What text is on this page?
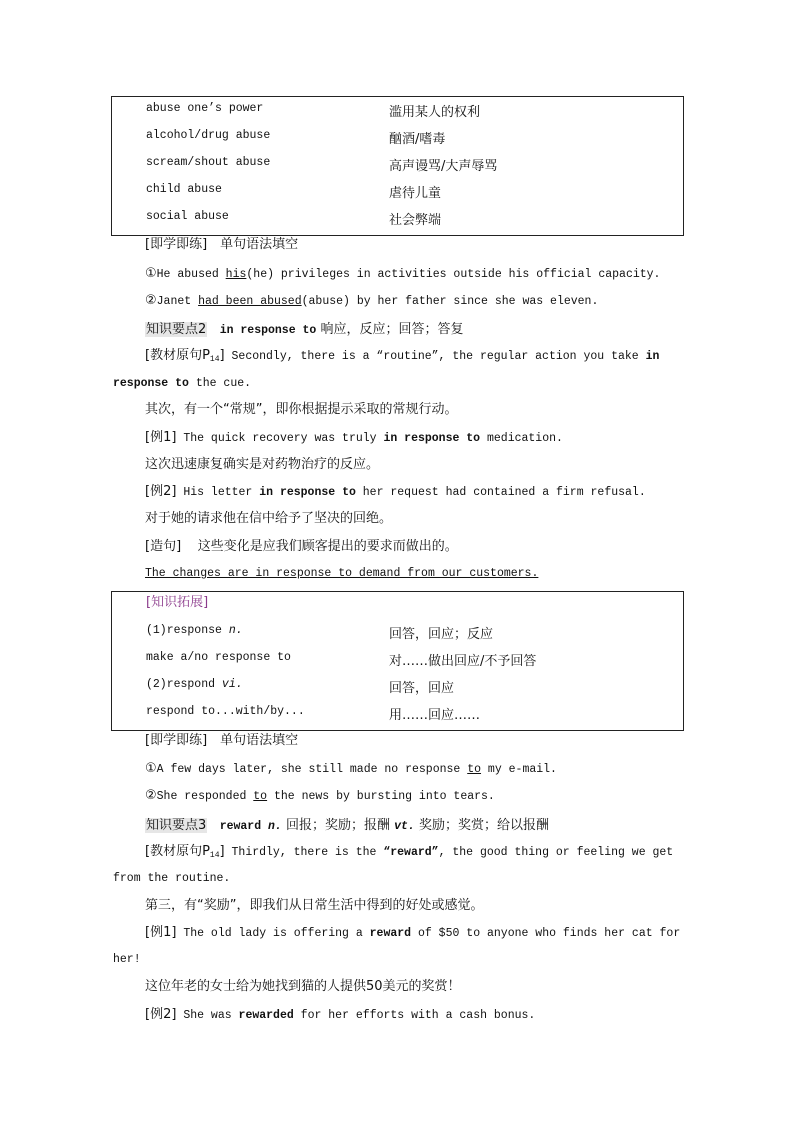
abuse one’s power	滥用某人的权利
alcohol/drug abuse	酗酒/嗜毒
scream/shout abuse	高声谩骂/大声辱骂
child abuse	虐待儿童
social abuse	社会弊端
[即学即练]　单句语法填空
①He abused his(he) privileges in activities outside his official capacity.
②Janet had been abused(abuse) by her father since she was eleven.
知识要点2 in response to 响应，反应；回答；答复
[教材原句$P_{14}$] Secondly, there is a “routine”, the regular action you take in
response to the cue.
其次，有一个“常规”，即你根据提示采取的常规行动。
[例1] The quick recovery was truly in response to medication.
这次迅速康复确实是对药物治疗的反应。
[例2] His letter in response to her request had contained a firm refusal.
对于她的请求他在信中给予了坚决的回绝。
[造句] 这些变化是应我们顾客提出的要求而做出的。
The changes are in response to demand from our customers.
[知识拓展]
(1)response n.	回答，回应；反应
make a/no response to	对……做出回应/不予回答
(2)respond vi.	回答，回应
respond to...with/by...	用……回应……
[即学即练]　单句语法填空
①A few days later, she still made no response to my e-mail.
②She responded to the news by bursting into tears.
知识要点3 reward n. 回报；奖励；报酬 vt. 奖励；奖赏；给以报酬
[教材原句$P_{14}$] Thirdly, there is the “reward”, the good thing or feeling we get
from the routine.
第三，有“奖励”，即我们从日常生活中得到的好处或感觉。
[例1] The old lady is offering a reward of $50 to anyone who finds her cat for
her!
这位年老的女士给为她找到猫的人提供50美元的奖赏！
[例2] She was rewarded for her efforts with a cash bonus.
